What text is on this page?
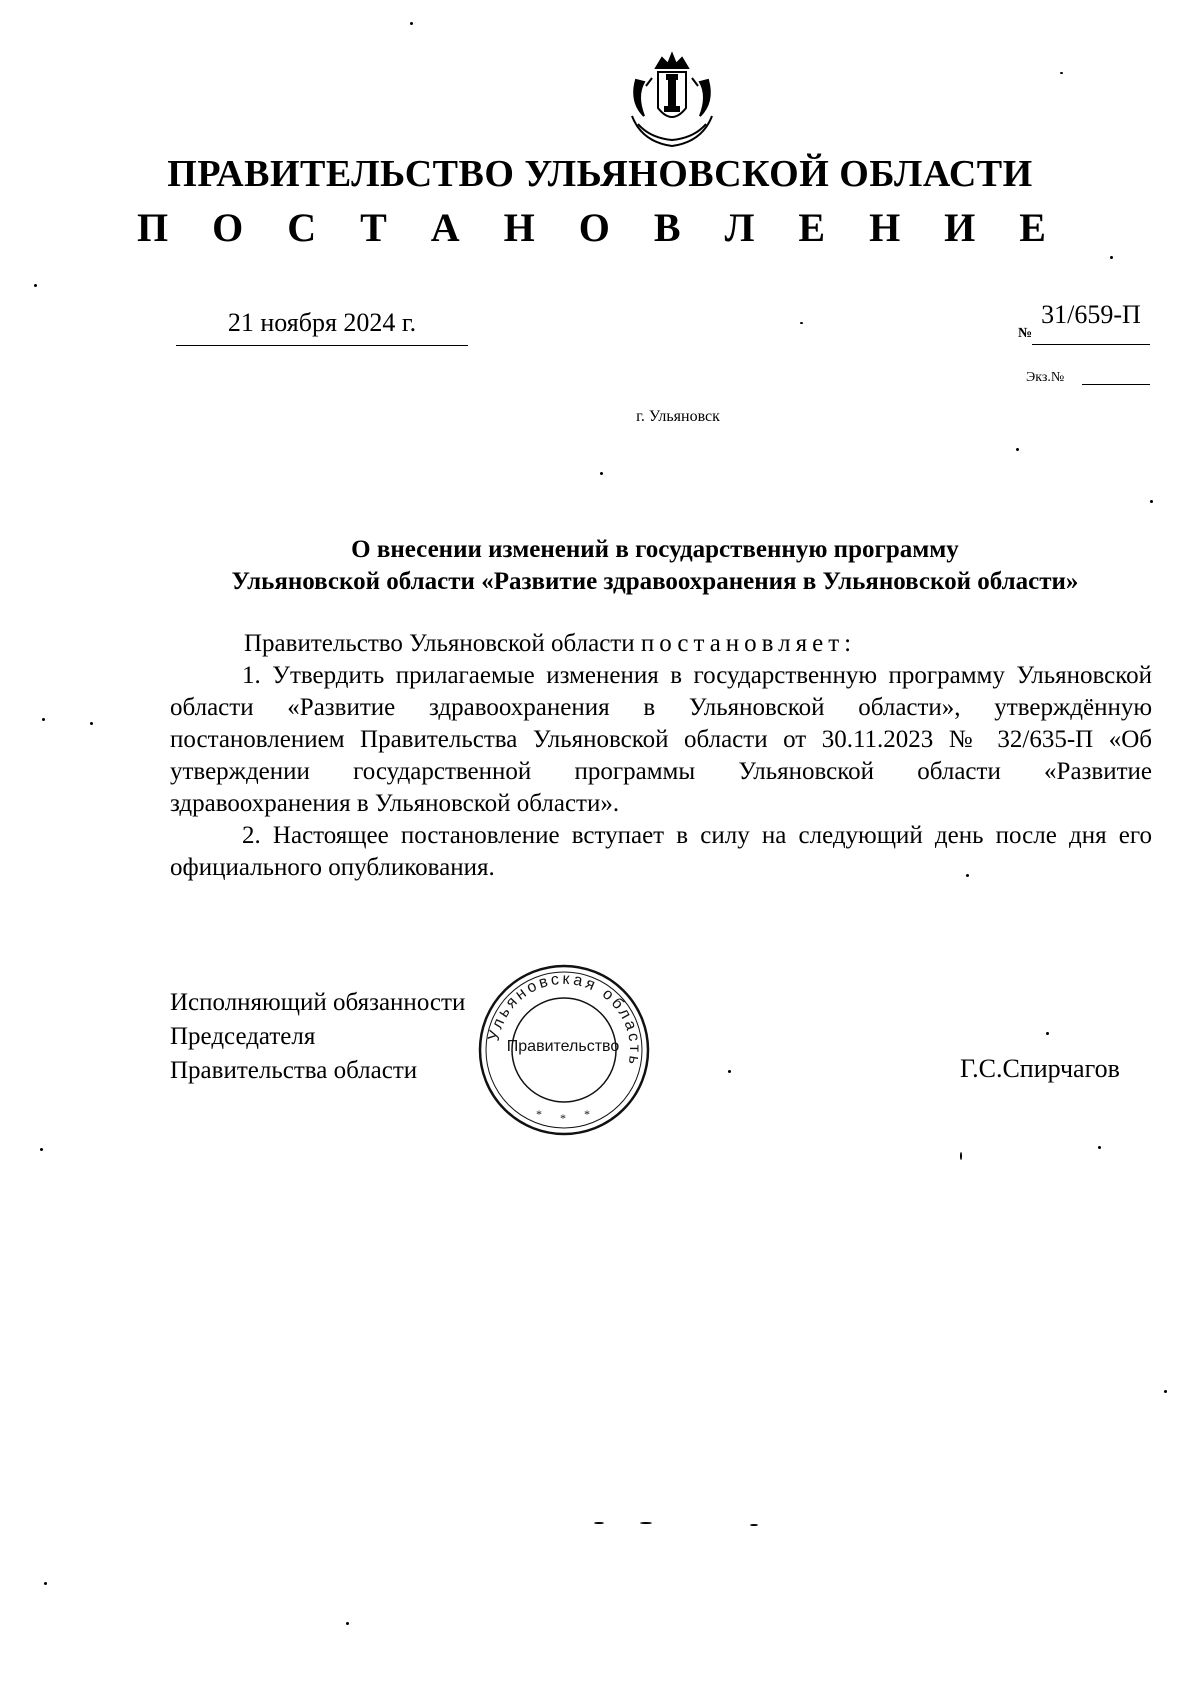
ПРАВИТЕЛЬСТВО УЛЬЯНОВСКОЙ ОБЛАСТИ
П О С Т А Н О В Л Е Н И Е
21 ноября 2024 г.	№
31/659-П
Экз.№
г. Ульяновск
О внесении изменений в государственную программу
Ульяновской области «Развитие здравоохранения в Ульяновской области»

Правительство Ульяновской области постановляет:

1. Утвердить прилагаемые изменения в государственную программу Ульяновской области «Развитие здравоохранения в Ульяновской области», утверждённую постановлением Правительства Ульяновской области от 30.11.2023 № 32/635-П «Об утверждении государственной программы Ульяновской области «Развитие здравоохранения в Ульяновской области».

2. Настоящее постановление вступает в силу на следующий день после дня его официального опубликования.

Исполняющий обязанности
Председателя
Правительства области	Г.С.Спирчагов
Ульяновская область
* * *
Правительство
